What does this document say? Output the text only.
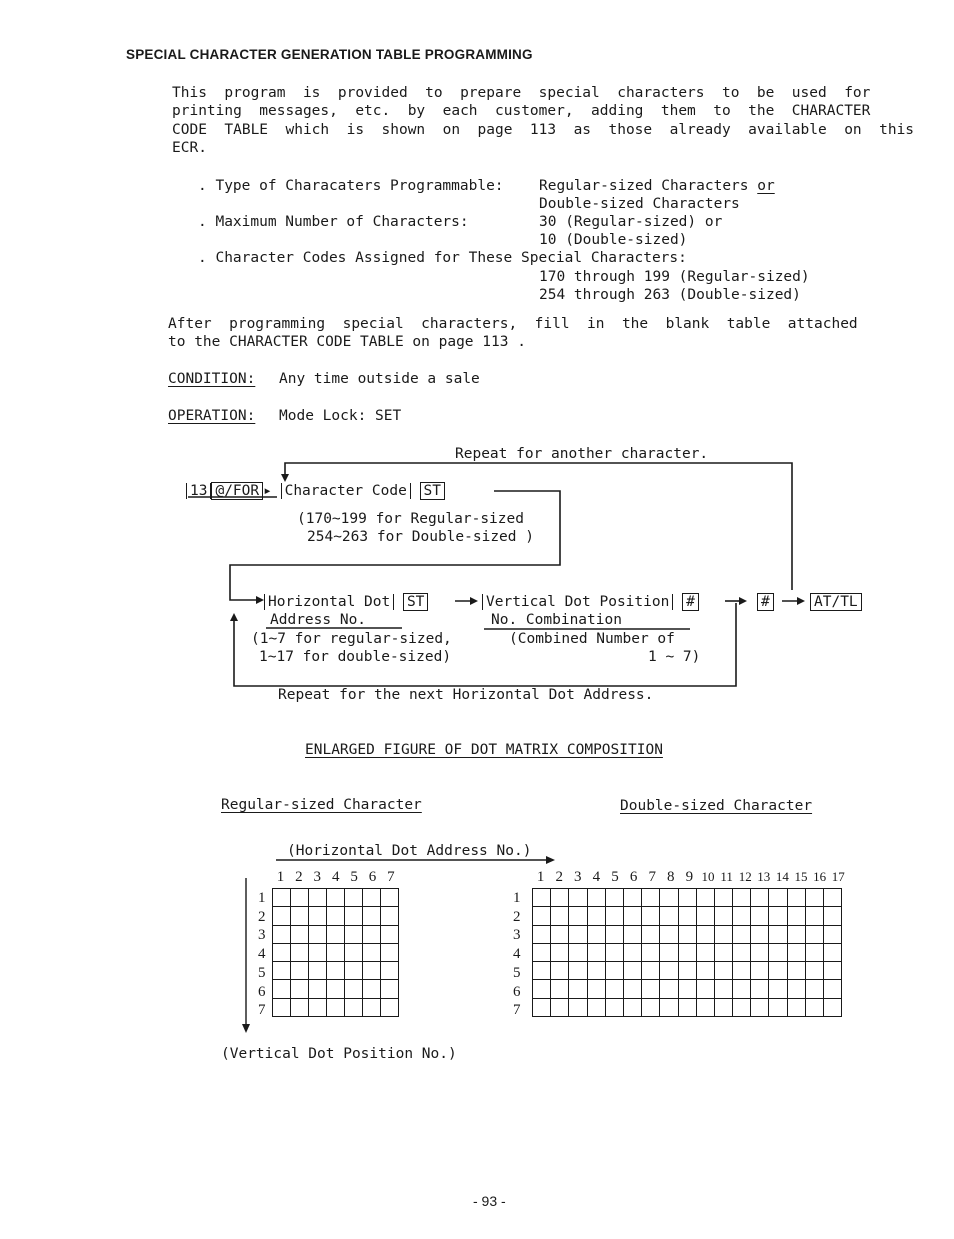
SPECIAL CHARACTER GENERATION TABLE PROGRAMMING
This  program  is  provided  to  prepare  special  characters  to  be  used  for
printing  messages,  etc.  by  each  customer,  adding  them  to  the  CHARACTER
CODE  TABLE  which  is  shown  on  page  113  as  those  already  available  on  this
ECR.
. Type of Characaters Programmable: Regular-sized Characters or
Double-sized Characters
. Maximum Number of Characters:	30 (Regular-sized) or
10 (Double-sized)
. Character Codes Assigned for These Special Characters:
170 through 199 (Regular-sized)
254 through 263 (Double-sized)
After  programming  special  characters,  fill  in  the  blank  table  attached
to the CHARACTER CODE TABLE on page 113 .
CONDITION: Any time outside a sale
OPERATION: Mode Lock: SET
Repeat for another character.
13 @/FOR ▸ Character Code ST
(170~199 for Regular-sized
254~263 for Double-sized )
Horizontal Dot ST
Address No.
(1~7 for regular-sized,
1~17 for double-sized)
Vertical Dot Position #
No. Combination
(Combined Number of
1 ~ 7)
#	AT/TL
Repeat for the next Horizontal Dot Address.
ENLARGED FIGURE OF DOT MATRIX COMPOSITION
Regular-sized Character	Double-sized Character
(Horizontal Dot Address No.)
1 2 3 4 5 6 7
1
2
3
4
5
6
7

1 2 3 4 5 6 7 8 9 10 11 12 13 14 15 16 17
1
2
3
4
5
6
7

(Vertical Dot Position No.)
- 93 -
